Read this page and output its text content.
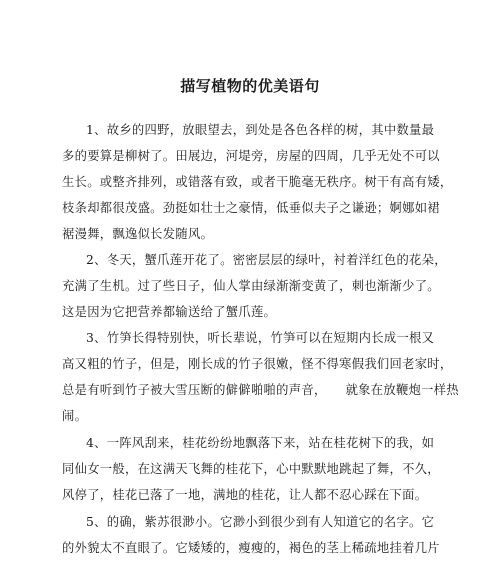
描写植物的优美语句
1、故乡的四野，放眼望去，到处是各色各样的树，其中数量最
多的要算是柳树了。田展边，河堤旁，房屋的四周，几乎无处不可以
生长。或整齐排列，或错落有致，或者干脆毫无秩序。树干有高有矮，
枝条却都很茂盛。劲挺如壮士之豪情，低垂似夫子之谦逊；婀娜如裙
裾漫舞，飘逸似长发随风。
2、冬天，蟹爪莲开花了。密密层层的绿叶，衬着洋红色的花朵，
充满了生机。过了些日子，仙人掌由绿渐渐变黄了，刺也渐渐少了。
这是因为它把营养都输送给了蟹爪莲。
3、竹笋长得特别快，听长辈说，竹笋可以在短期内长成一根又
高又粗的竹子，但是，刚长成的竹子很嫩，怪不得寒假我们回老家时，
总是有听到竹子被大雪压断的僻僻啪啪的声音，　　就象在放鞭炮一样热
闹。
4、一阵风刮来，桂花纷纷地飘落下来，站在桂花树下的我，如
同仙女一般，在这满天飞舞的桂花下，心中默默地跳起了舞，不久，
风停了，桂花已落了一地，满地的桂花，让人都不忍心踩在下面。
5、的确，紫苏很渺小。它渺小到很少到有人知道它的名字。它
的外貌太不直眼了。它矮矮的，瘦瘦的，褐色的茎上稀疏地挂着几片
